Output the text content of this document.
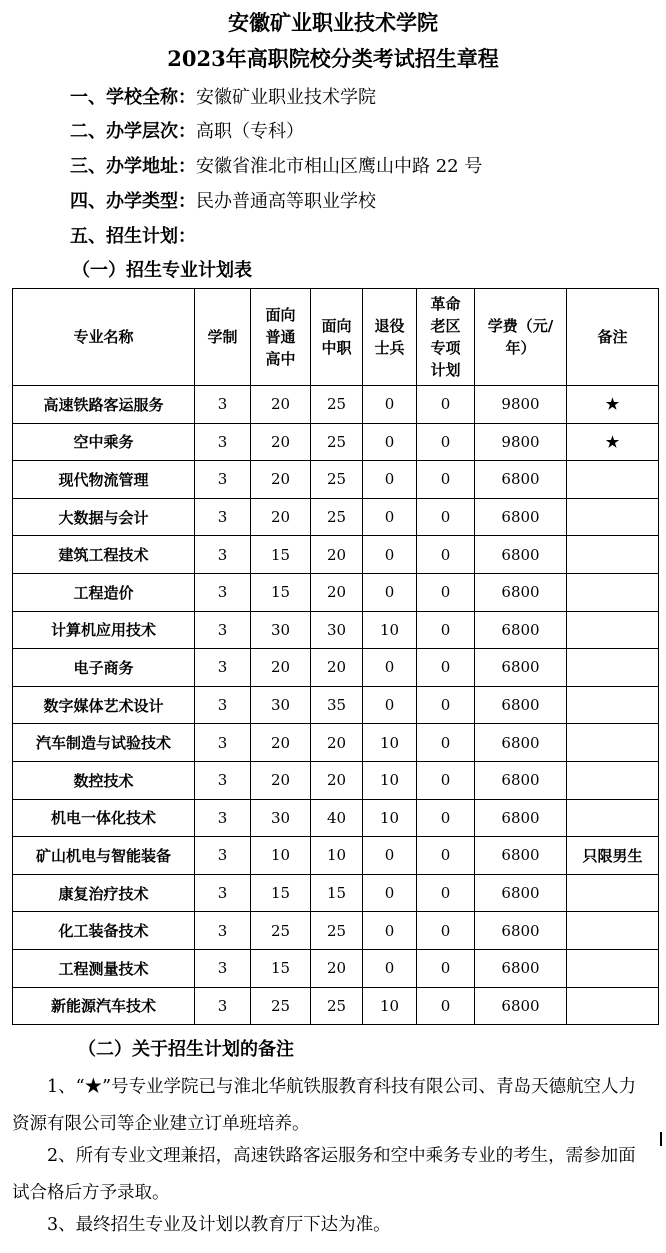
安徽矿业职业技术学院
2023年高职院校分类考试招生章程
一、学校全称：安徽矿业职业技术学院
二、办学层次：高职（专科）
三、办学地址：安徽省淮北市相山区鹰山中路 22 号
四、办学类型：民办普通高等职业学校
五、招生计划：
（一）招生专业计划表
专业名称	学制	面向普通高中	面向中职	退役士兵	革命老区专项计划	学费（元/年）	备注
高速铁路客运服务	3	20	25	0	0	9800	★
空中乘务	3	20	25	0	0	9800	★
现代物流管理	3	20	25	0	0	6800	
大数据与会计	3	20	25	0	0	6800	
建筑工程技术	3	15	20	0	0	6800	
工程造价	3	15	20	0	0	6800	
计算机应用技术	3	30	30	10	0	6800	
电子商务	3	20	20	0	0	6800	
数字媒体艺术设计	3	30	35	0	0	6800	
汽车制造与试验技术	3	20	20	10	0	6800	
数控技术	3	20	20	10	0	6800	
机电一体化技术	3	30	40	10	0	6800	
矿山机电与智能装备	3	10	10	0	0	6800	只限男生
康复治疗技术	3	15	15	0	0	6800	
化工装备技术	3	25	25	0	0	6800	
工程测量技术	3	15	20	0	0	6800	
新能源汽车技术	3	25	25	10	0	6800	
（二）关于招生计划的备注
1、“★”号专业学院已与淮北华航铁服教育科技有限公司、青岛天德航空人力资源有限公司等企业建立订单班培养。
2、所有专业文理兼招，高速铁路客运服务和空中乘务专业的考生，需参加面试合格后方予录取。
3、最终招生专业及计划以教育厅下达为准。
